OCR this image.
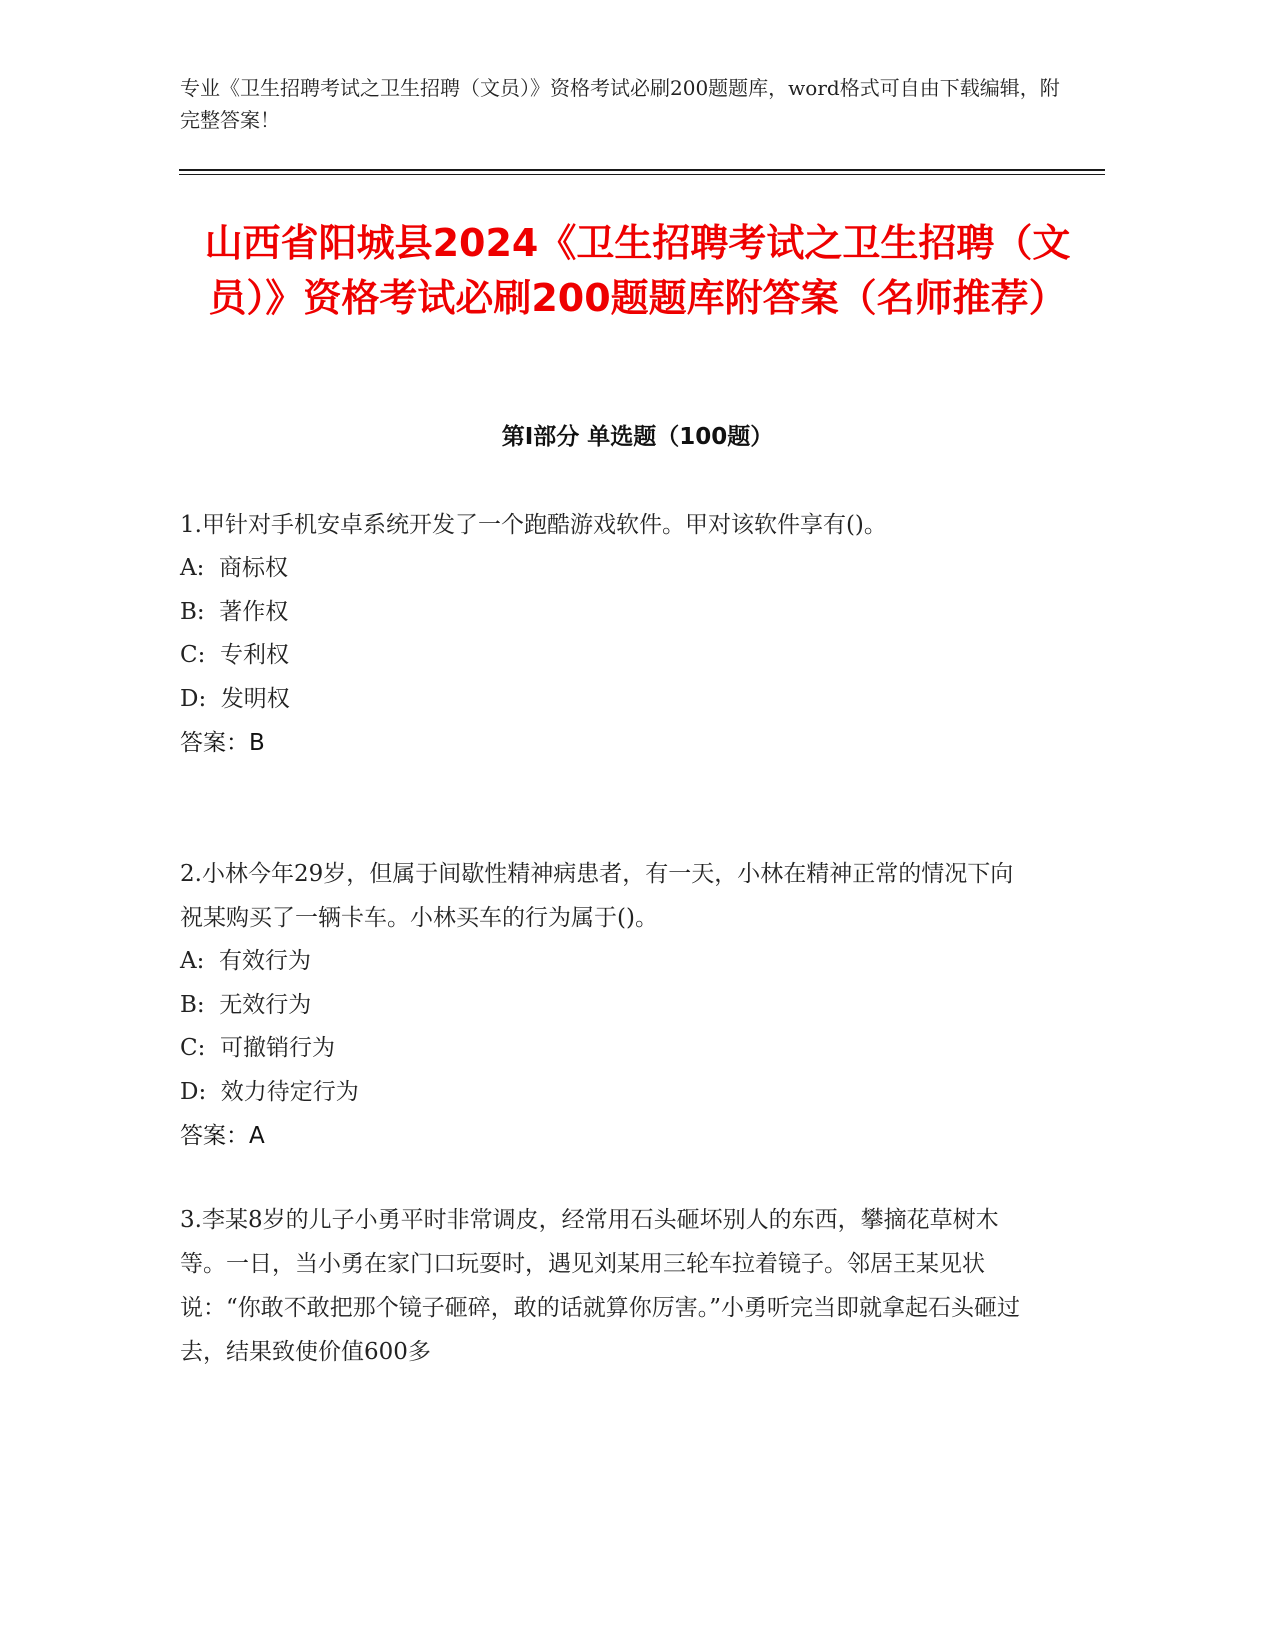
专业《卫生招聘考试之卫生招聘（文员）》资格考试必刷200题题库，word格式可自由下载编辑，附完整答案！
山西省阳城县2024《卫生招聘考试之卫生招聘（文员）》资格考试必刷200题题库附答案（名师推荐）
第I部分 单选题（100题）

1.甲针对手机安卓系统开发了一个跑酷游戏软件。甲对该软件享有()。

A:  商标权

B:  著作权

C:  专利权

D:  发明权

答案：B

2.小林今年29岁，但属于间歇性精神病患者，有一天，小林在精神正常的情况下向祝某购买了一辆卡车。小林买车的行为属于()。

A:  有效行为

B:  无效行为

C:  可撤销行为

D:  效力待定行为

答案：A

3.李某8岁的儿子小勇平时非常调皮，经常用石头砸坏别人的东西，攀摘花草树木等。一日，当小勇在家门口玩耍时，遇见刘某用三轮车拉着镜子。邻居王某见状说：“你敢不敢把那个镜子砸碎，敢的话就算你厉害。”小勇听完当即就拿起石头砸过去，结果致使价值600多
